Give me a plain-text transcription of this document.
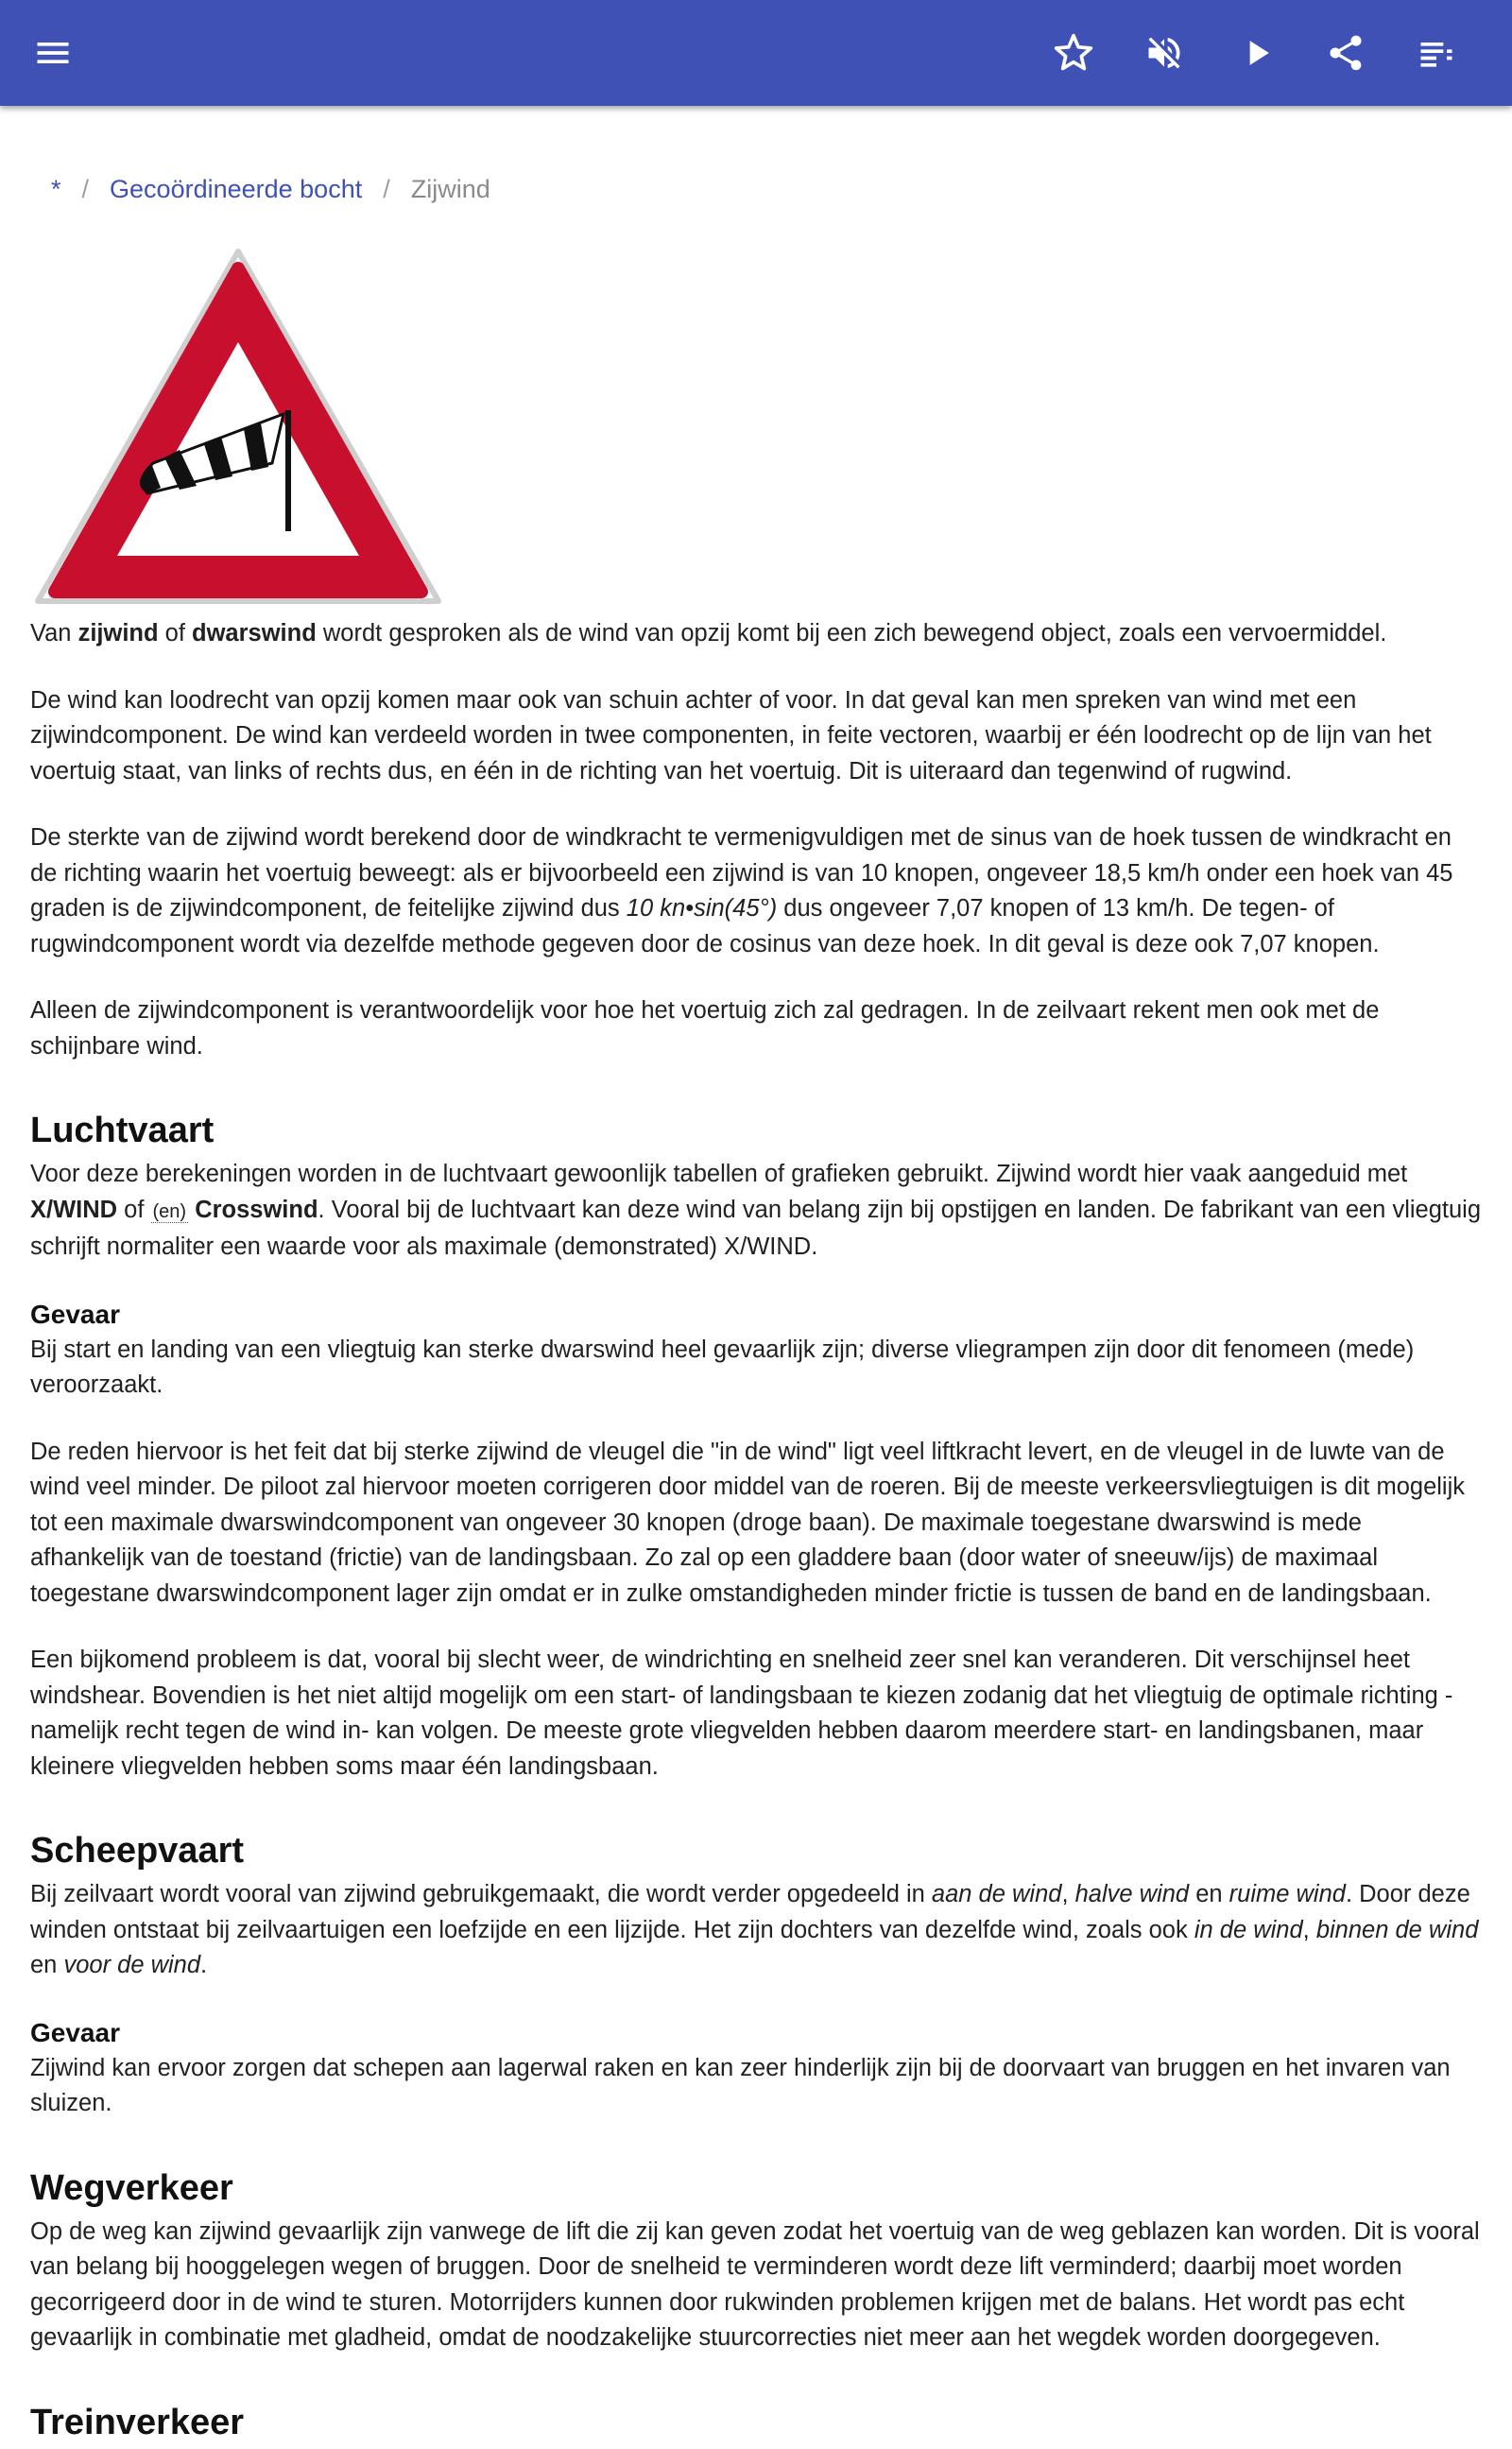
* / Gecoördineerde bocht / Zijwind

Van zijwind of dwarswind wordt gesproken als de wind van opzij komt bij een zich bewegend object, zoals een vervoermiddel.

De wind kan loodrecht van opzij komen maar ook van schuin achter of voor. In dat geval kan men spreken van wind met een zijwindcomponent. De wind kan verdeeld worden in twee componenten, in feite vectoren, waarbij er één loodrecht op de lijn van het voertuig staat, van links of rechts dus, en één in de richting van het voertuig. Dit is uiteraard dan tegenwind of rugwind.

De sterkte van de zijwind wordt berekend door de windkracht te vermenigvuldigen met de sinus van de hoek tussen de windkracht en de richting waarin het voertuig beweegt: als er bijvoorbeeld een zijwind is van 10 knopen, ongeveer 18,5 km/h onder een hoek van 45 graden is de zijwindcomponent, de feitelijke zijwind dus 10 kn•sin(45°) dus ongeveer 7,07 knopen of 13 km/h. De tegen- of rugwindcomponent wordt via dezelfde methode gegeven door de cosinus van deze hoek. In dit geval is deze ook 7,07 knopen.

Alleen de zijwindcomponent is verantwoordelijk voor hoe het voertuig zich zal gedragen. In de zeilvaart rekent men ook met de schijnbare wind.

Luchtvaart

Voor deze berekeningen worden in de luchtvaart gewoonlijk tabellen of grafieken gebruikt. Zijwind wordt hier vaak aangeduid met X/WIND of (en) Crosswind. Vooral bij de luchtvaart kan deze wind van belang zijn bij opstijgen en landen. De fabrikant van een vliegtuig schrijft normaliter een waarde voor als maximale (demonstrated) X/WIND.

Gevaar

Bij start en landing van een vliegtuig kan sterke dwarswind heel gevaarlijk zijn; diverse vliegrampen zijn door dit fenomeen (mede) veroorzaakt.

De reden hiervoor is het feit dat bij sterke zijwind de vleugel die "in de wind" ligt veel liftkracht levert, en de vleugel in de luwte van de wind veel minder. De piloot zal hiervoor moeten corrigeren door middel van de roeren. Bij de meeste verkeersvliegtuigen is dit mogelijk tot een maximale dwarswindcomponent van ongeveer 30 knopen (droge baan). De maximale toegestane dwarswind is mede afhankelijk van de toestand (frictie) van de landingsbaan. Zo zal op een gladdere baan (door water of sneeuw/ijs) de maximaal toegestane dwarswindcomponent lager zijn omdat er in zulke omstandigheden minder frictie is tussen de band en de landingsbaan.

Een bijkomend probleem is dat, vooral bij slecht weer, de windrichting en snelheid zeer snel kan veranderen. Dit verschijnsel heet windshear. Bovendien is het niet altijd mogelijk om een start- of landingsbaan te kiezen zodanig dat het vliegtuig de optimale richting -namelijk recht tegen de wind in- kan volgen. De meeste grote vliegvelden hebben daarom meerdere start- en landingsbanen, maar kleinere vliegvelden hebben soms maar één landingsbaan.

Scheepvaart

Bij zeilvaart wordt vooral van zijwind gebruikgemaakt, die wordt verder opgedeeld in aan de wind, halve wind en ruime wind. Door deze winden ontstaat bij zeilvaartuigen een loefzijde en een lijzijde. Het zijn dochters van dezelfde wind, zoals ook in de wind, binnen de wind en voor de wind.

Gevaar

Zijwind kan ervoor zorgen dat schepen aan lagerwal raken en kan zeer hinderlijk zijn bij de doorvaart van bruggen en het invaren van sluizen.

Wegverkeer

Op de weg kan zijwind gevaarlijk zijn vanwege de lift die zij kan geven zodat het voertuig van de weg geblazen kan worden. Dit is vooral van belang bij hooggelegen wegen of bruggen. Door de snelheid te verminderen wordt deze lift verminderd; daarbij moet worden gecorrigeerd door in de wind te sturen. Motorrijders kunnen door rukwinden problemen krijgen met de balans. Het wordt pas echt gevaarlijk in combinatie met gladheid, omdat de noodzakelijke stuurcorrecties niet meer aan het wegdek worden doorgegeven.

Treinverkeer
